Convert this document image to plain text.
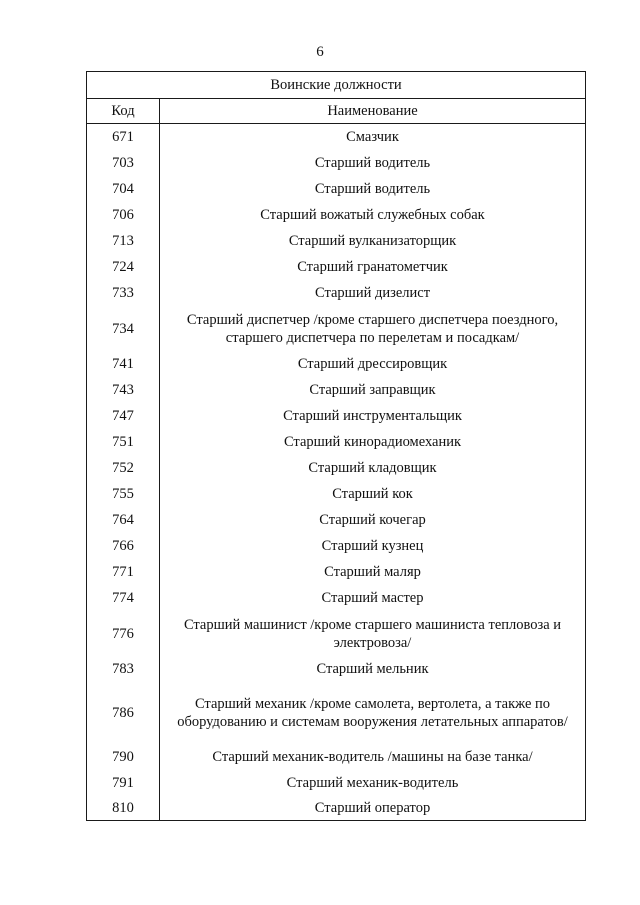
6
Воинские должности	
Код	Наименование
671	Смазчик
703	Старший водитель
704	Старший водитель
706	Старший вожатый служебных собак
713	Старший вулканизаторщик
724	Старший гранатометчик
733	Старший дизелист
734	Старший диспетчер /кроме старшего диспетчера поездного, старшего диспетчера по перелетам и посадкам/
741	Старший дрессировщик
743	Старший заправщик
747	Старший инструментальщик
751	Старший кинорадиомеханик
752	Старший кладовщик
755	Старший кок
764	Старший кочегар
766	Старший кузнец
771	Старший маляр
774	Старший мастер
776	Старший машинист /кроме старшего машиниста тепловоза и электровоза/
783	Старший мельник
786	Старший механик /кроме самолета, вертолета, а также по оборудованию и системам вооружения летательных аппаратов/
790	Старший механик-водитель /машины на базе танка/
791	Старший механик-водитель
810	Старший оператор
